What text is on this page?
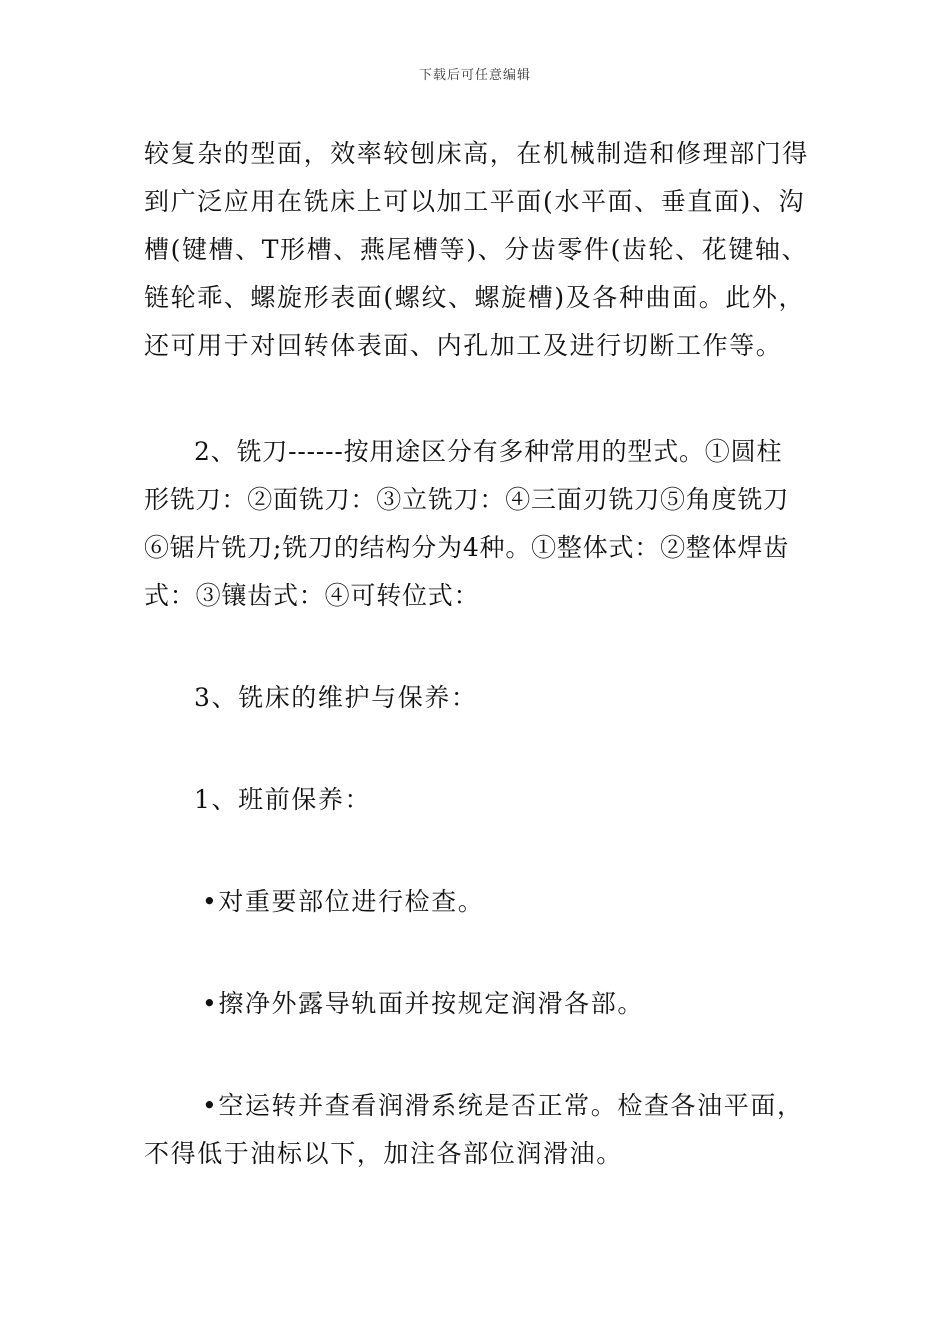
下载后可任意编辑
较复杂的型面，效率较刨床高，在机械制造和修理部门得
到广泛应用在铣床上可以加工平面(水平面、垂直面)、沟
槽(键槽、T形槽、燕尾槽等)、分齿零件(齿轮、花键轴、
链轮乖、螺旋形表面(螺纹、螺旋槽)及各种曲面。此外，
还可用于对回转体表面、内孔加工及进行切断工作等。
2、铣刀------按用途区分有多种常用的型式。①圆柱
形铣刀：②面铣刀：③立铣刀：④三面刃铣刀⑤角度铣刀
⑥锯片铣刀;铣刀的结构分为4种。①整体式：②整体焊齿
式：③镶齿式：④可转位式：
3、铣床的维护与保养：
1、班前保养：
•对重要部位进行检查。
•擦净外露导轨面并按规定润滑各部。
•空运转并查看润滑系统是否正常。检查各油平面，
不得低于油标以下，加注各部位润滑油。
